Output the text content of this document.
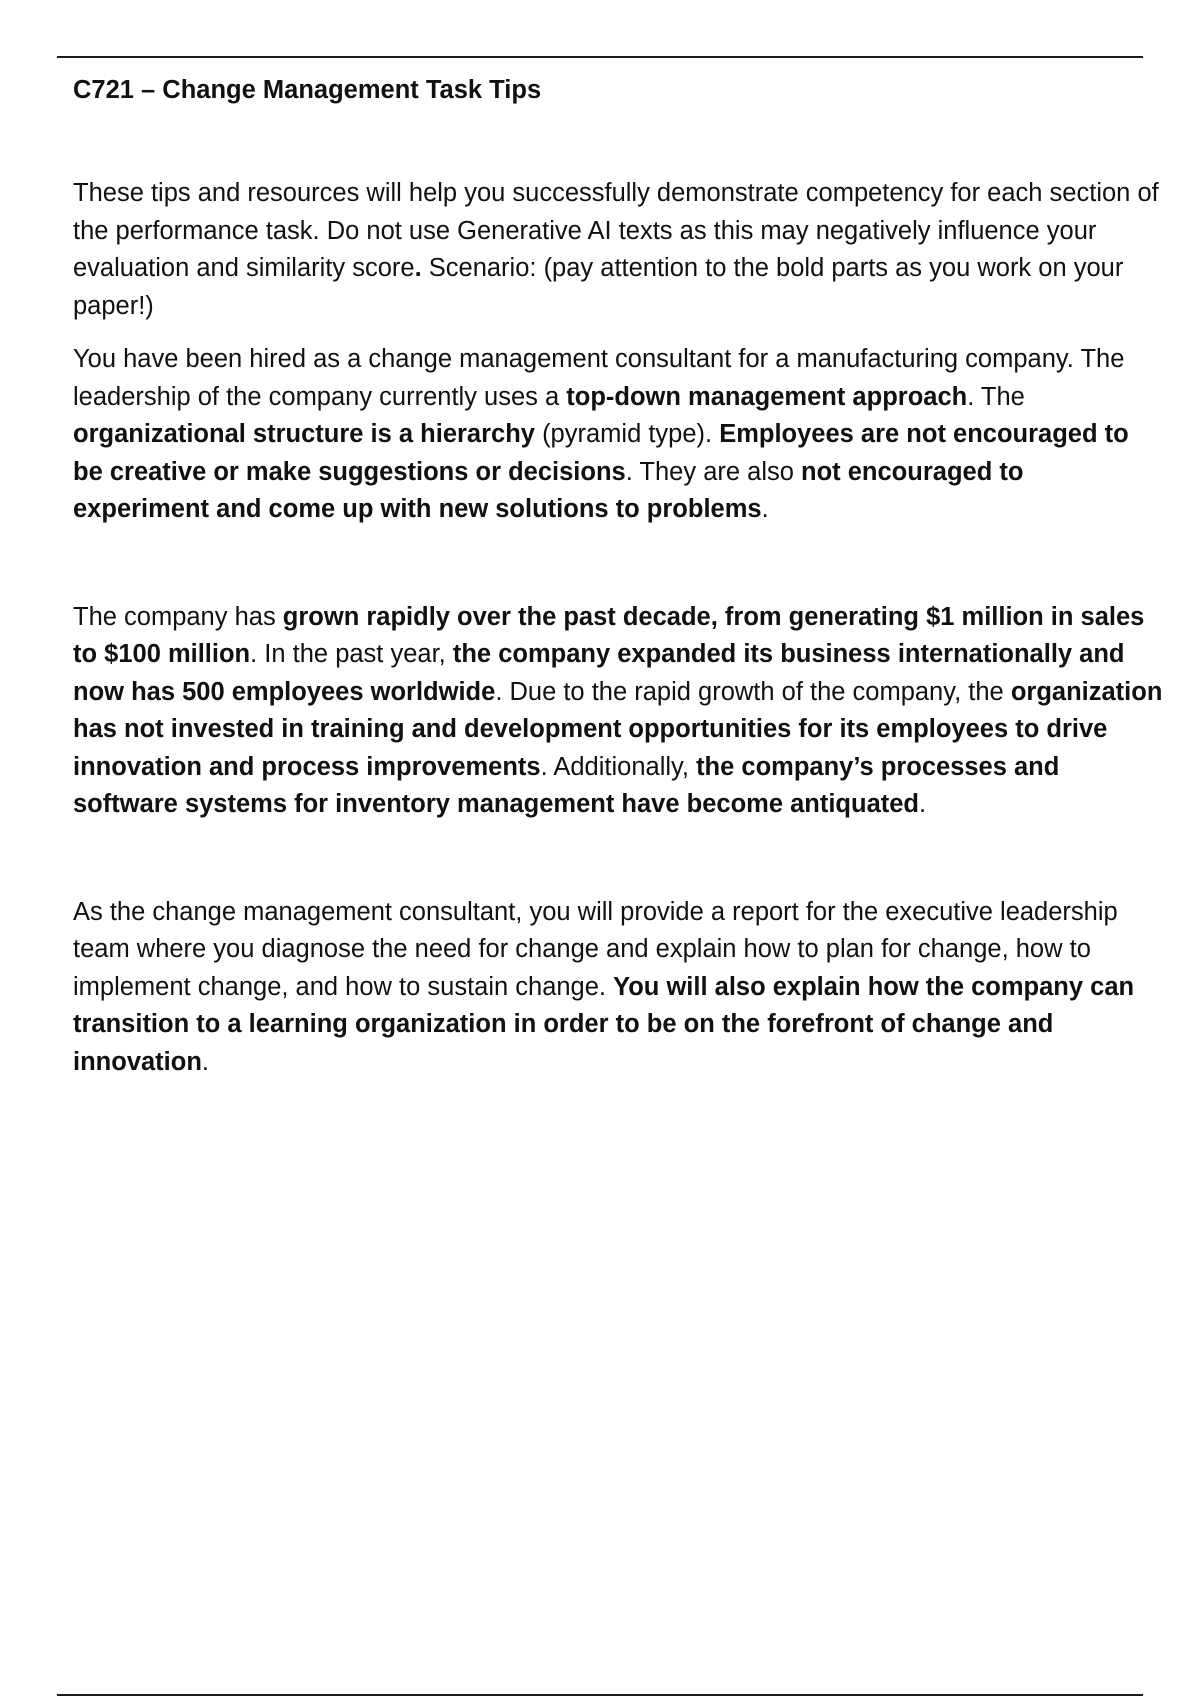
C721 – Change Management Task Tips

These tips and resources will help you successfully demonstrate competency for each section of the performance task. Do not use Generative AI texts as this may negatively influence your evaluation and similarity score. Scenario: (pay attention to the bold parts as you work on your paper!)

You have been hired as a change management consultant for a manufacturing company. The leadership of the company currently uses a top-down management approach. The organizational structure is a hierarchy (pyramid type). Employees are not encouraged to be creative or make suggestions or decisions. They are also not encouraged to experiment and come up with new solutions to problems.

The company has grown rapidly over the past decade, from generating $1 million in sales to $100 million. In the past year, the company expanded its business internationally and now has 500 employees worldwide. Due to the rapid growth of the company, the organization has not invested in training and development opportunities for its employees to drive innovation and process improvements. Additionally, the company’s processes and software systems for inventory management have become antiquated.

As the change management consultant, you will provide a report for the executive leadership team where you diagnose the need for change and explain how to plan for change, how to implement change, and how to sustain change. You will also explain how the company can transition to a learning organization in order to be on the forefront of change and innovation.
